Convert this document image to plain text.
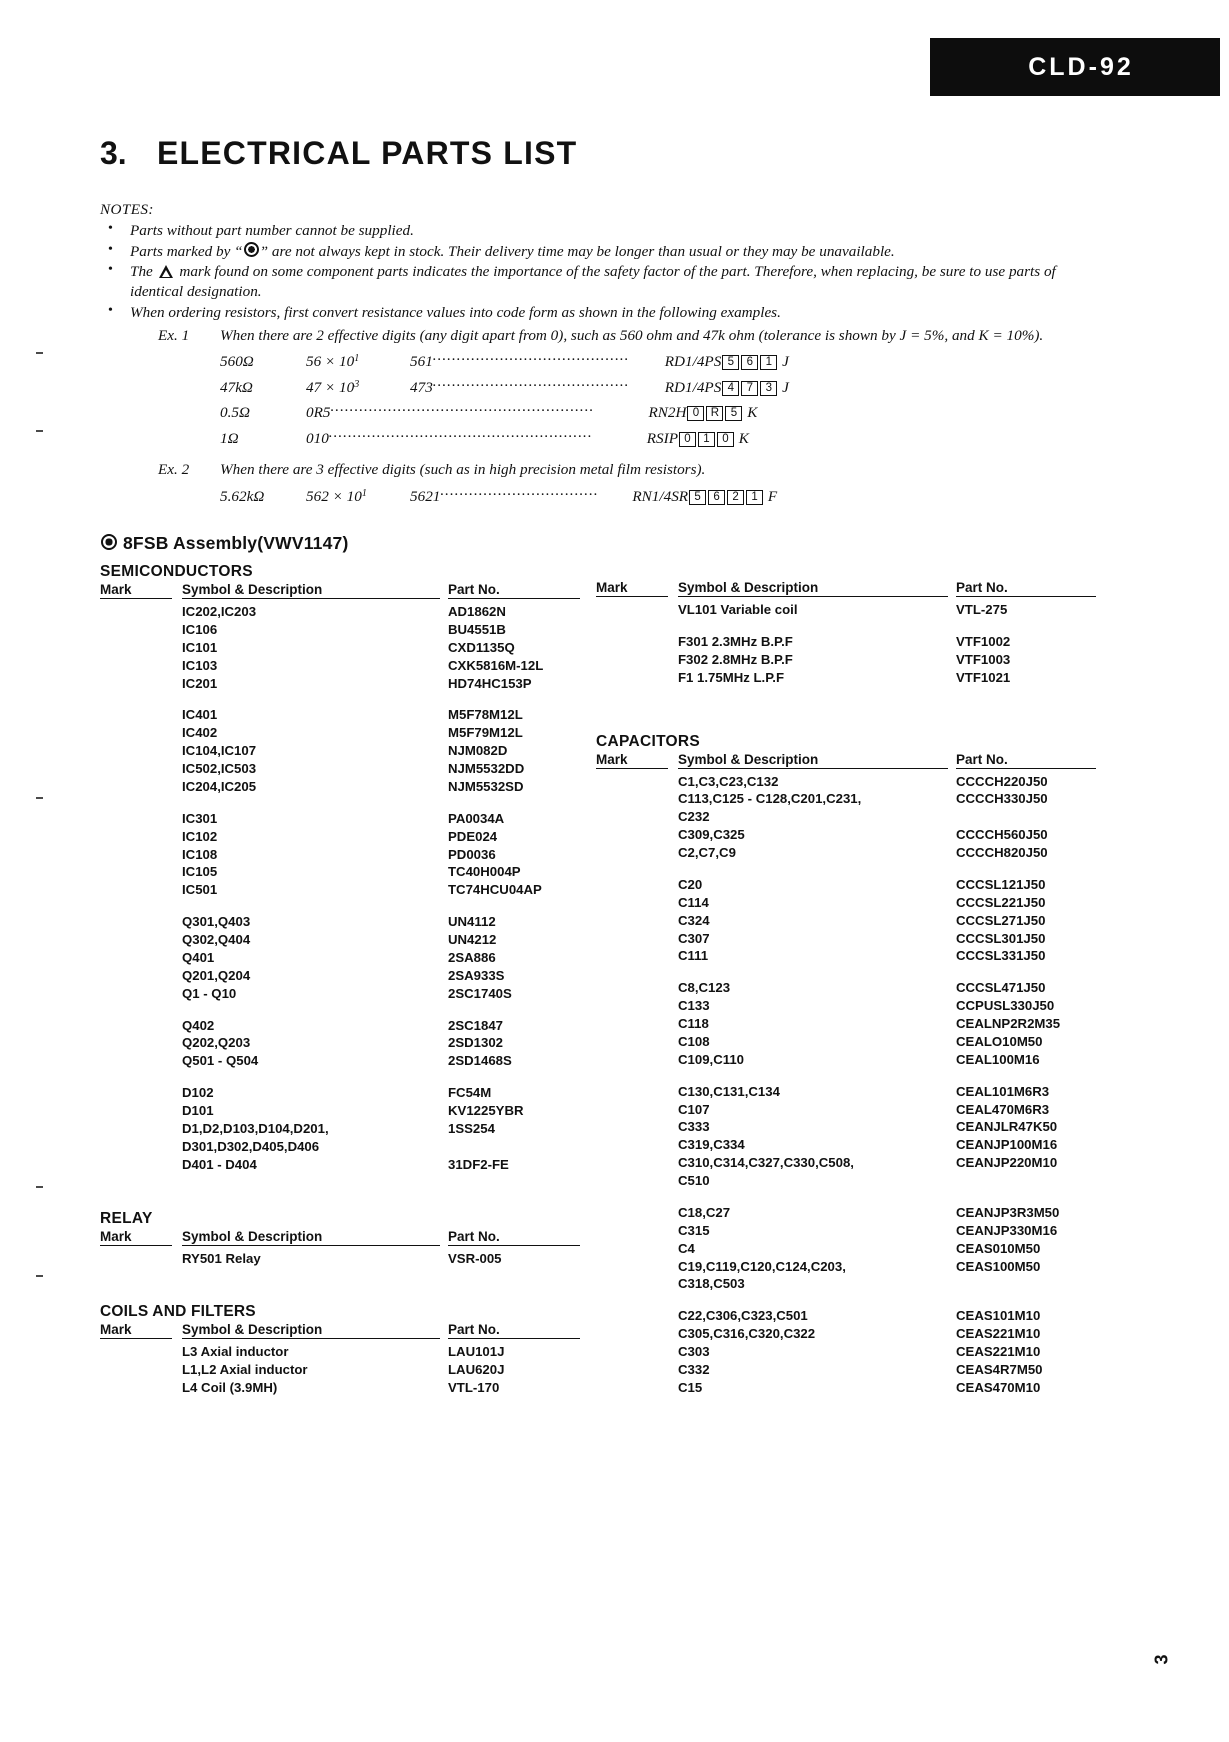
CLD-92
3. ELECTRICAL PARTS LIST
NOTES:
• Parts without part number cannot be supplied.
• Parts marked by “ ” are not always kept in stock. Their delivery time may be longer than usual or they may be unavailable.
• The mark found on some component parts indicates the importance of the safety factor of the part. Therefore, when replacing, be sure to use parts of identical designation.
• When ordering resistors, first convert resistance values into code form as shown in the following examples.
Ex. 1	When there are 2 effective digits (any digit apart from 0), such as 560 ohm and 47k ohm (tolerance is shown by J = 5%, and K = 10%).
560Ω	$56 \times 10^1$	561......................................... RD1/4PS 5 6 1 J
47kΩ	$47 \times 10^3$	473......................................... RD1/4PS 4 7 3 J
0.5Ω	0R5.......................................................	RN2H 0 R 5 K
1Ω	010.......................................................	RSIP 0 1 0 K
Ex. 2	When there are 3 effective digits (such as in high precision metal film resistors).
5.62kΩ	$562 \times 10^1$	5621................................. RN1/4SR 5 6 2 1 F
8FSB Assembly(VWV1147)
SEMICONDUCTORS
Mark	Symbol & Description	Part No.
IC202,IC203	AD1862N
IC106	BU4551B
IC101	CXD1135Q
IC103	CXK5816M-12L
IC201	HD74HC153P
IC401	M5F78M12L
IC402	M5F79M12L
IC104,IC107	NJM082D
IC502,IC503	NJM5532DD
IC204,IC205	NJM5532SD
IC301	PA0034A
IC102	PDE024
IC108	PD0036
IC105	TC40H004P
IC501	TC74HCU04AP
Q301,Q403	UN4112
Q302,Q404	UN4212
Q401	2SA886
Q201,Q204	2SA933S
Q1 - Q10	2SC1740S
Q402	2SC1847
Q202,Q203	2SD1302
Q501 - Q504	2SD1468S
D102	FC54M
D101	KV1225YBR
D1,D2,D103,D104,D201,	1SS254
D301,D302,D405,D406
D401 - D404	31DF2-FE
RELAY
Mark	Symbol & Description	Part No.
RY501 Relay	VSR-005
COILS AND FILTERS
Mark	Symbol & Description	Part No.
L3 Axial inductor	LAU101J
L1,L2 Axial inductor	LAU620J
L4 Coil (3.9MH)	VTL-170
Mark	Symbol & Description	Part No.
VL101 Variable coil	VTL-275
F301 2.3MHz B.P.F	VTF1002
F302 2.8MHz B.P.F	VTF1003
F1 1.75MHz L.P.F	VTF1021
CAPACITORS
Mark	Symbol & Description	Part No.
C1,C3,C23,C132	CCCCH220J50
C113,C125 - C128,C201,C231,	CCCCH330J50
C232
C309,C325	CCCCH560J50
C2,C7,C9	CCCCH820J50
C20	CCCSL121J50
C114	CCCSL221J50
C324	CCCSL271J50
C307	CCCSL301J50
C111	CCCSL331J50
C8,C123	CCCSL471J50
C133	CCPUSL330J50
C118	CEALNP2R2M35
C108	CEALO10M50
C109,C110	CEAL100M16
C130,C131,C134	CEAL101M6R3
C107	CEAL470M6R3
C333	CEANJLR47K50
C319,C334	CEANJP100M16
C310,C314,C327,C330,C508,	CEANJP220M10
C510
C18,C27	CEANJP3R3M50
C315	CEANJP330M16
C4	CEAS010M50
C19,C119,C120,C124,C203,	CEAS100M50
C318,C503
C22,C306,C323,C501	CEAS101M10
C305,C316,C320,C322	CEAS221M10
C303	CEAS221M10
C332	CEAS4R7M50
C15	CEAS470M10
3
